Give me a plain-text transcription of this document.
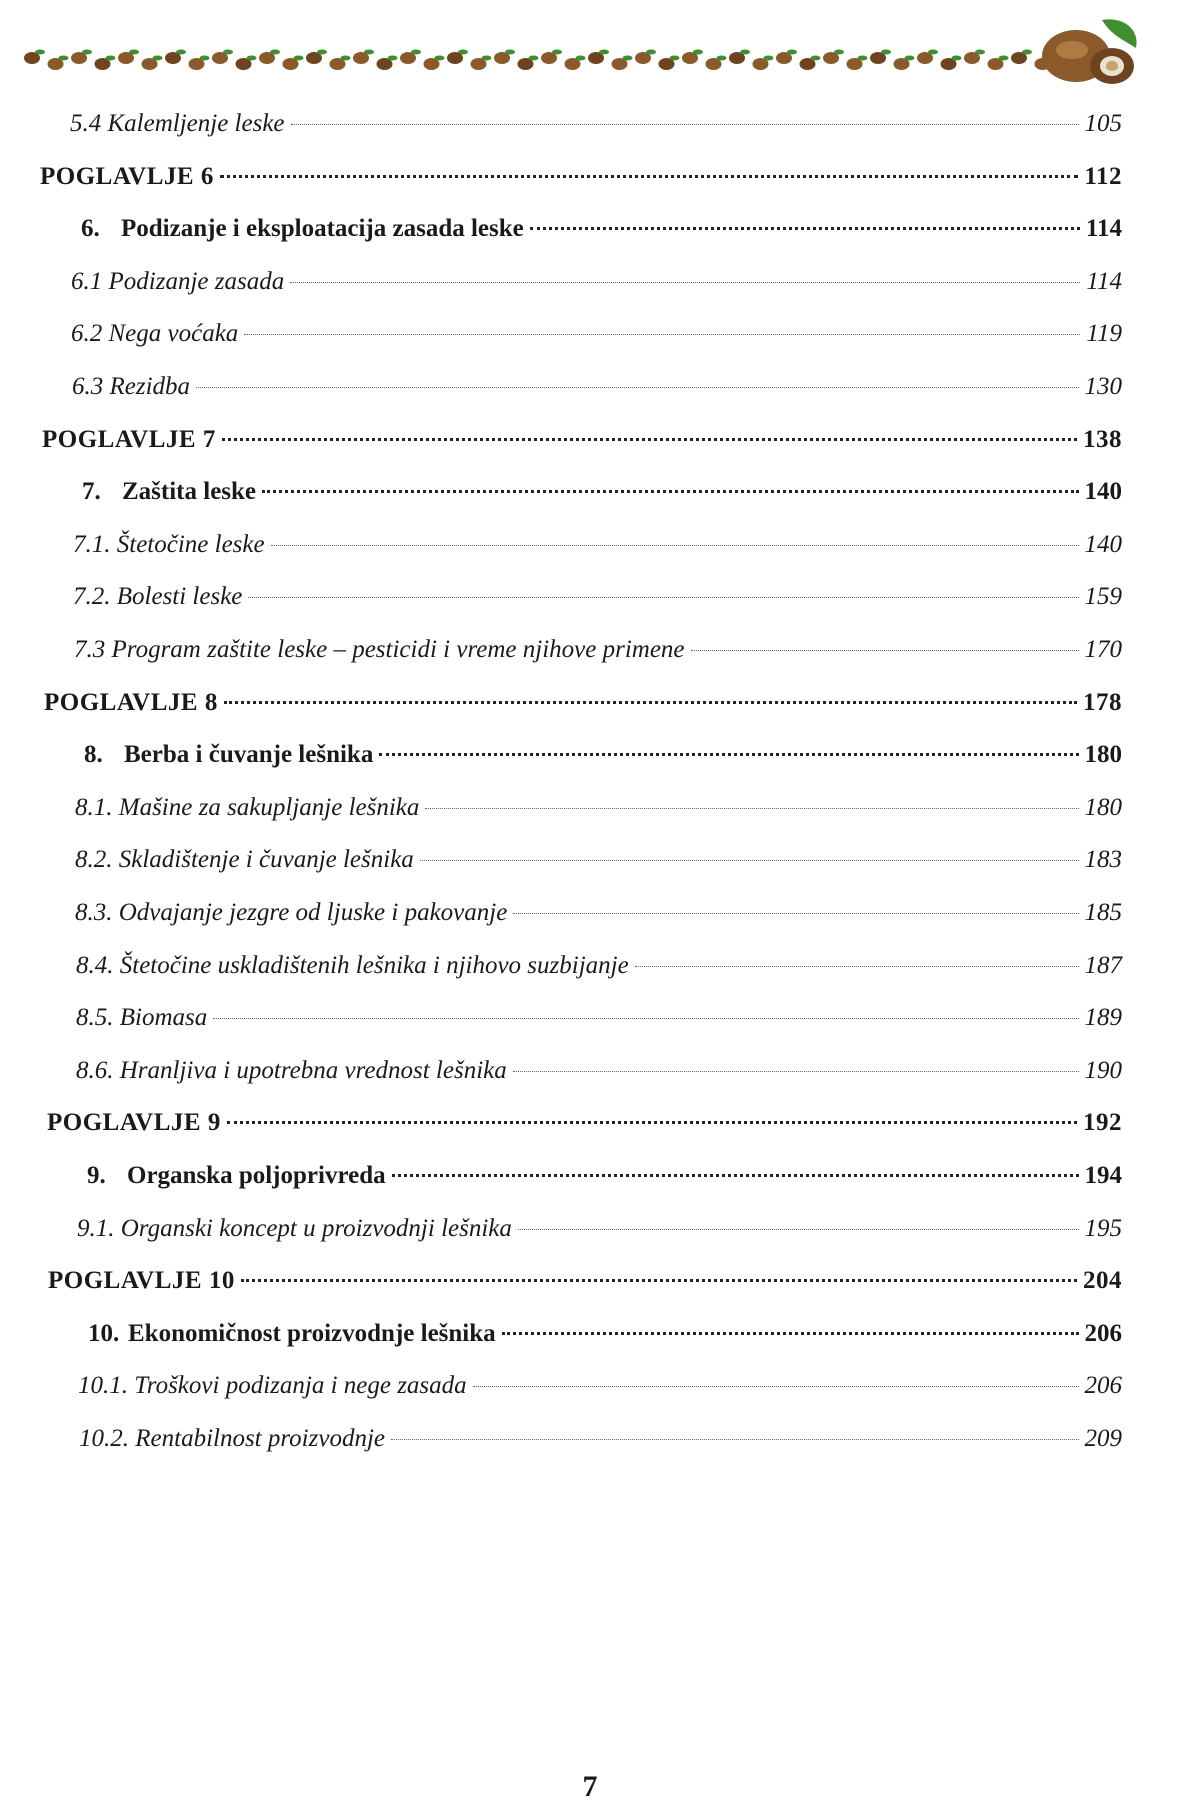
5.4 Kalemljenje leske	105
POGLAVLJE 6	112
6. Podizanje i eksploatacija zasada leske	114
6.1 Podizanje zasada	114
6.2 Nega voćaka	119
6.3 Rezidba	130
POGLAVLJE 7	138
7. Zaštita leske	140
7.1. Štetočine leske	140
7.2. Bolesti leske	159
7.3 Program zaštite leske – pesticidi i vreme njihove primene	170
POGLAVLJE 8	178
8. Berba i čuvanje lešnika	180
8.1. Mašine za sakupljanje lešnika	180
8.2. Skladištenje i čuvanje lešnika	183
8.3. Odvajanje jezgre od ljuske i pakovanje	185
8.4. Štetočine uskladištenih lešnika i njihovo suzbijanje	187
8.5. Biomasa	189
8.6. Hranljiva i upotrebna vrednost lešnika	190
POGLAVLJE 9	192
9. Organska poljoprivreda	194
9.1. Organski koncept u proizvodnji lešnika	195
POGLAVLJE 10	204
10. Ekonomičnost proizvodnje lešnika	206
10.1. Troškovi podizanja i nege zasada	206
10.2. Rentabilnost proizvodnje	209
7
